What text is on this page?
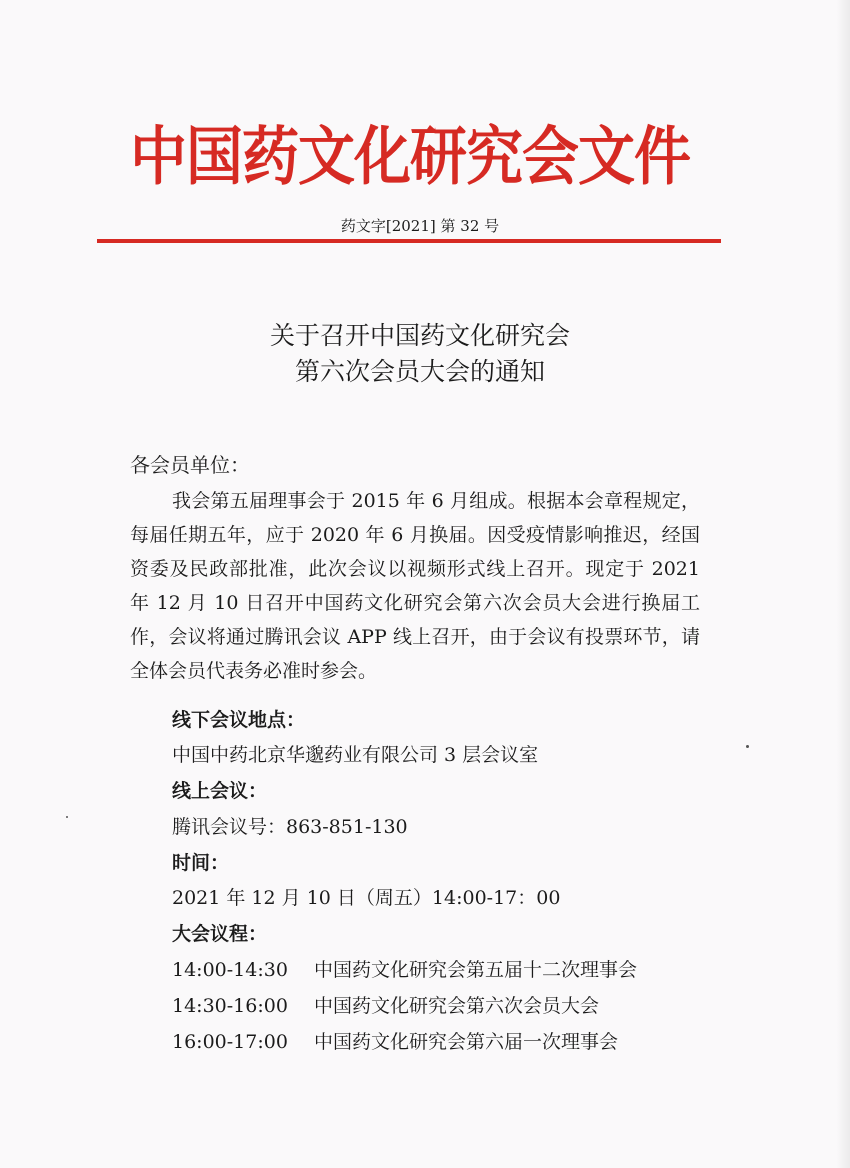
中国药文化研究会文件
药文字[2021] 第 32 号
关于召开中国药文化研究会
第六次会员大会的通知
各会员单位：

我会第五届理事会于 2015 年 6 月组成。根据本会章程规定，每届任期五年，应于 2020 年 6 月换届。因受疫情影响推迟，经国资委及民政部批准，此次会议以视频形式线上召开。现定于 2021 年 12 月 10 日召开中国药文化研究会第六次会员大会进行换届工作，会议将通过腾讯会议 APP 线上召开，由于会议有投票环节，请全体会员代表务必准时参会。

线下会议地点：
中国中药北京华邈药业有限公司 3 层会议室
线上会议：
腾讯会议号：863-851-130
时间：
2021 年 12 月 10 日（周五）14:00-17：00
大会议程：
14:00-14:30 中国药文化研究会第五届十二次理事会
14:30-16:00 中国药文化研究会第六次会员大会
16:00-17:00 中国药文化研究会第六届一次理事会
